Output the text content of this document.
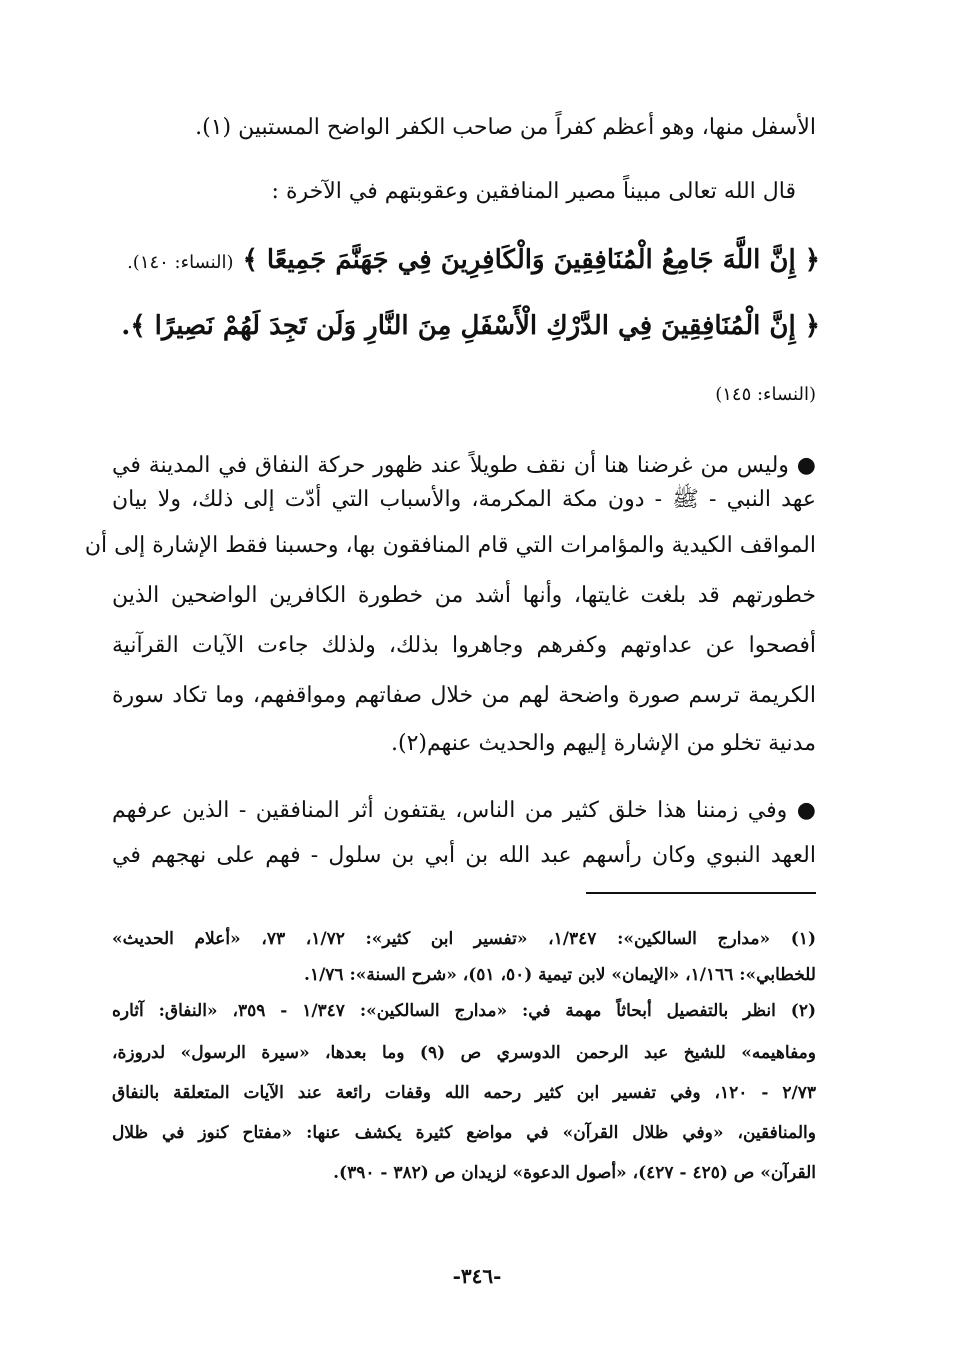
الأسفل منها، وهو أعظم كفراً من صاحب الكفر الواضح المستبين (١).
قال الله تعالى مبيناً مصير المنافقين وعقوبتهم في الآخرة :
﴿ إِنَّ اللَّهَ جَامِعُ الْمُنَافِقِينَ وَالْكَافِرِينَ فِي جَهَنَّمَ جَمِيعًا ﴾ (النساء: ١٤٠).
﴿ إِنَّ الْمُنَافِقِينَ فِي الدَّرْكِ الْأَسْفَلِ مِنَ النَّارِ وَلَن تَجِدَ لَهُمْ نَصِيرًا ﴾.
(النساء: ١٤٥)
● وليس من غرضنا هنا أن نقف طويلاً عند ظهور حركة النفاق في المدينة في
عهد النبي - ﷺ - دون مكة المكرمة، والأسباب التي أدّت إلى ذلك، ولا بيان
المواقف الكيدية والمؤامرات التي قام المنافقون بها، وحسبنا فقط الإشارة إلى أن
خطورتهم قد بلغت غايتها، وأنها أشد من خطورة الكافرين الواضحين الذين
أفصحوا عن عداوتهم وكفرهم وجاهروا بذلك، ولذلك جاءت الآيات القرآنية
الكريمة ترسم صورة واضحة لهم من خلال صفاتهم ومواقفهم، وما تكاد سورة
مدنية تخلو من الإشارة إليهم والحديث عنهم(٢).
● وفي زمننا هذا خلق كثير من الناس، يقتفون أثر المنافقين - الذين عرفهم
العهد النبوي وكان رأسهم عبد الله بن أبي بن سلول - فهم على نهجهم في
(١) «مدارج السالكين»: ١/٣٤٧، «تفسير ابن كثير»: ١/٧٢، ٧٣، «أعلام الحديث»
للخطابي»: ١/١٦٦، «الإيمان» لابن تيمية (٥٠، ٥١)، «شرح السنة»: ١/٧٦.
(٢) انظر بالتفصيل أبحاثاً مهمة في: «مدارج السالكين»: ١/٣٤٧ - ٣٥٩، «النفاق: آثاره
ومفاهيمه» للشيخ عبد الرحمن الدوسري ص (٩) وما بعدها، «سيرة الرسول» لدروزة،
٢/٧٣ - ١٢٠، وفي تفسير ابن كثير رحمه الله وقفات رائعة عند الآيات المتعلقة بالنفاق
والمنافقين، «وفي ظلال القرآن» في مواضع كثيرة يكشف عنها: «مفتاح كنوز في ظلال
القرآن» ص (٤٢٥ - ٤٢٧)، «أصول الدعوة» لزيدان ص (٣٨٢ - ٣٩٠).
-٣٤٦-
